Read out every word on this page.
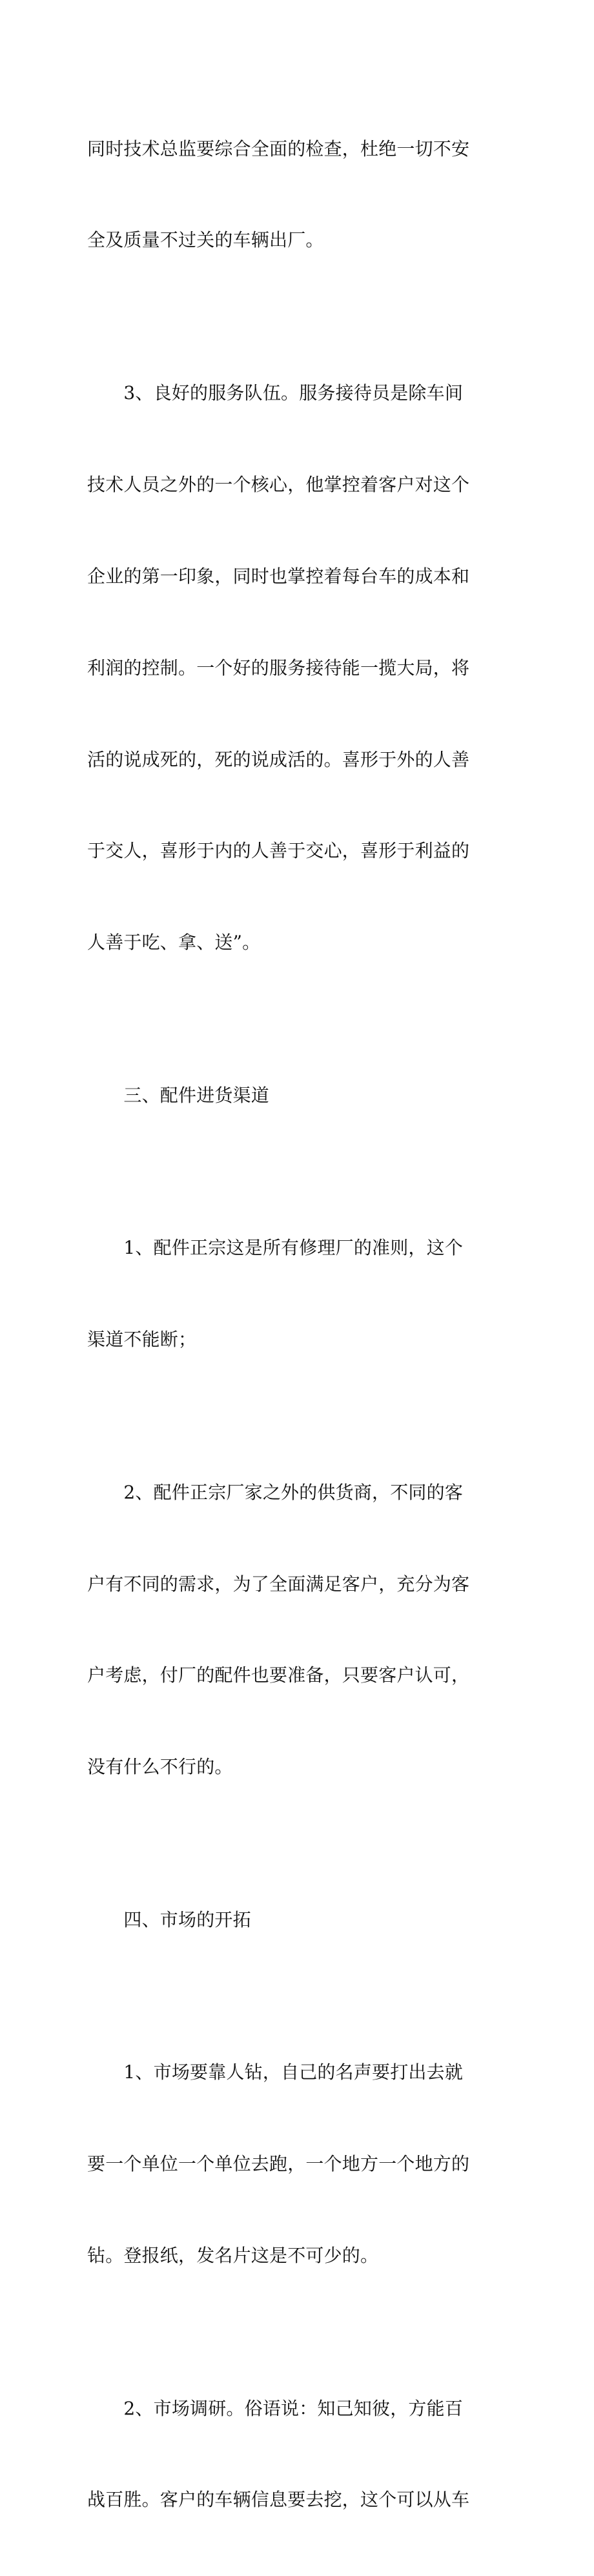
同时技术总监要综合全面的检查，杜绝一切不安

全及质量不过关的车辆出厂。

　　3、良好的服务队伍。服务接待员是除车间

技术人员之外的一个核心，他掌控着客户对这个

企业的第一印象，同时也掌控着每台车的成本和

利润的控制。一个好的服务接待能一揽大局，将

活的说成死的，死的说成活的。喜形于外的人善

于交人，喜形于内的人善于交心，喜形于利益的

人善于吃、拿、送”。

　　三、配件进货渠道

　　1、配件正宗这是所有修理厂的准则，这个

渠道不能断；

　　2、配件正宗厂家之外的供货商，不同的客

户有不同的需求，为了全面满足客户，充分为客

户考虑，付厂的配件也要准备，只要客户认可，

没有什么不行的。

　　四、市场的开拓

　　1、市场要靠人钻，自己的名声要打出去就

要一个单位一个单位去跑，一个地方一个地方的

钻。登报纸，发名片这是不可少的。

　　2、市场调研。俗语说：知己知彼，方能百

战百胜。客户的车辆信息要去挖，这个可以从车
